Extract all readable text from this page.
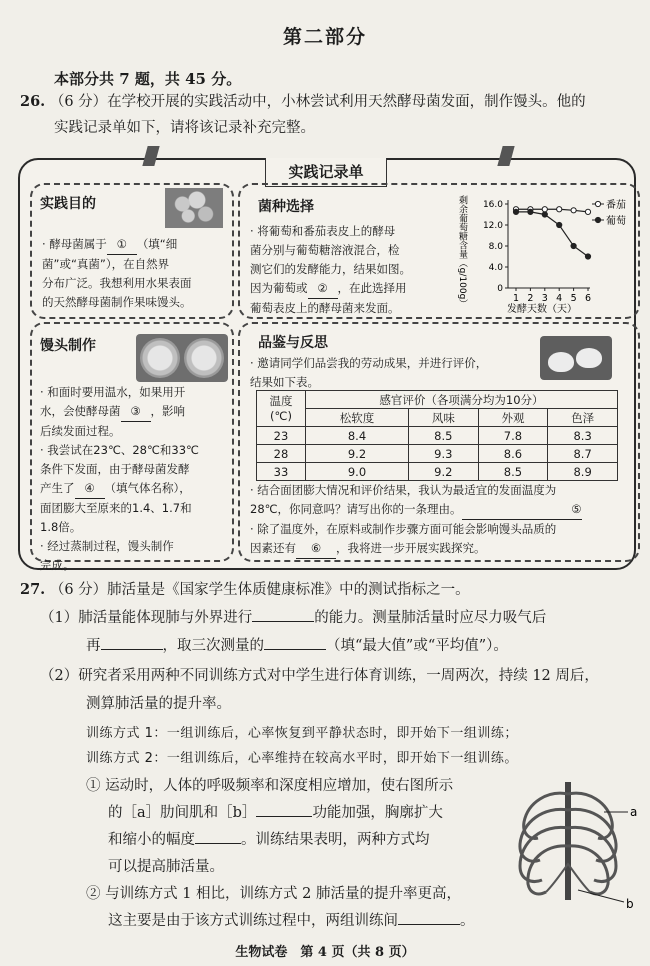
第二部分
本部分共 7 题，共 45 分。
26. （6 分）在学校开展的实践活动中，小林尝试利用天然酵母菌发面，制作馒头。他的
实践记录单如下，请将该记录补充完整。
实践记录单
实践目的
· 酵母菌属于 ① （填“细
菌”或“真菌”），在自然界
分布广泛。我想利用水果表面
的天然酵母菌制作果味馒头。
菌种选择
· 将葡萄和番茄表皮上的酵母
菌分别与葡萄糖溶液混合，检
测它们的发酵能力，结果如图。
因为葡萄或 ② ，在此选择用
葡萄表皮上的酵母菌来发面。	剩余葡萄糖含量（g/100g） 16.0
12.0
8.0
4.0
0
1 2 3 4 5 6
番茄
葡萄
发酵天数（天）
馒头制作
· 和面时要用温水，如果用开
水，会使酵母菌 ③ ，影响
后续发面过程。
· 我尝试在23℃、28℃和33℃
条件下发面，由于酵母菌发酵
产生了 ④ （填气体名称），
面团膨大至原来的1.4、1.7和
1.8倍。
· 经过蒸制过程，馒头制作
完成。
品鉴与反思
· 邀请同学们品尝我的劳动成果，并进行评价，
结果如下表。
温度
(℃)	感官评价（各项满分均为10分）			
	松软度	风味	外观	色泽
23	8.4	8.5	7.8	8.3
28	9.2	9.3	8.6	8.7
33	9.0	9.2	8.5	8.9
· 结合面团膨大情况和评价结果，我认为最适宜的发面温度为
28℃，你同意吗？请写出你的一条理由。	⑤
· 除了温度外，在原料或制作步骤方面可能会影响馒头品质的
因素还有 ⑥ ，我将进一步开展实践探究。
27. （6 分）肺活量是《国家学生体质健康标准》中的测试指标之一。
（1）肺活量能体现肺与外界进行	的能力。测量肺活量时应尽力吸气后
再	，取三次测量的	（填“最大值”或“平均值”）。
（2）研究者采用两种不同训练方式对中学生进行体育训练，一周两次，持续 12 周后，
测算肺活量的提升率。
训练方式 1：一组训练后，心率恢复到平静状态时，即开始下一组训练；
训练方式 2：一组训练后，心率维持在较高水平时，即开始下一组训练。
① 运动时，人体的呼吸频率和深度相应增加，使右图所示
的［a］肋间肌和［b］	功能加强，胸廓扩大
和缩小的幅度	。训练结果表明，两种方式均
可以提高肺活量。
② 与训练方式 1 相比，训练方式 2 肺活量的提升率更高，
这主要是由于该方式训练过程中，两组训练间	。
a
b
生物试卷　第 4 页（共 8 页）
